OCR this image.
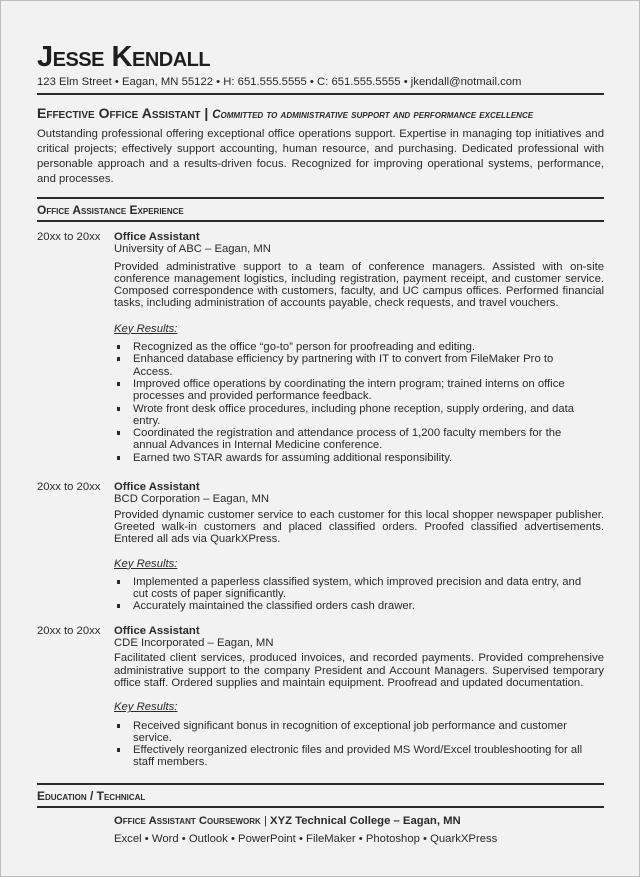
Jesse Kendall
123 Elm Street • Eagan, MN 55122 • H: 651.555.5555 • C: 651.555.5555 • jkendall@notmail.com
Effective Office Assistant | Committed to administrative support and performance excellence
Outstanding professional offering exceptional office operations support. Expertise in managing top initiatives and critical projects; effectively support accounting, human resource, and purchasing. Dedicated professional with personable approach and a results-driven focus. Recognized for improving operational systems, performance, and processes.
Office Assistance Experience
20xx to 20xx	Office Assistant
University of ABC – Eagan, MN

Provided administrative support to a team of conference managers. Assisted with on-site conference management logistics, including registration, payment receipt, and customer service. Composed correspondence with customers, faculty, and UC campus offices. Performed financial tasks, including administration of accounts payable, check requests, and travel vouchers.

Key Results:
Recognized as the office “go-to” person for proofreading and editing.
Enhanced database efficiency by partnering with IT to convert from FileMaker Pro to Access.
Improved office operations by coordinating the intern program; trained interns on office processes and provided performance feedback.
Wrote front desk office procedures, including phone reception, supply ordering, and data entry.
Coordinated the registration and attendance process of 1,200 faculty members for the annual Advances in Internal Medicine conference.
Earned two STAR awards for assuming additional responsibility.
20xx to 20xx	Office Assistant
BCD Corporation – Eagan, MN

Provided dynamic customer service to each customer for this local shopper newspaper publisher. Greeted walk-in customers and placed classified orders. Proofed classified advertisements. Entered all ads via QuarkXPress.

Key Results:
Implemented a paperless classified system, which improved precision and data entry, and cut costs of paper significantly.
Accurately maintained the classified orders cash drawer.
20xx to 20xx	Office Assistant
CDE Incorporated – Eagan, MN

Facilitated client services, produced invoices, and recorded payments. Provided comprehensive administrative support to the company President and Account Managers. Supervised temporary office staff. Ordered supplies and maintain equipment. Proofread and updated documentation.

Key Results:
Received significant bonus in recognition of exceptional job performance and customer service.
Effectively reorganized electronic files and provided MS Word/Excel troubleshooting for all staff members.
Education / Technical
Office Assistant Coursework | XYZ Technical College – Eagan, MN
Excel • Word • Outlook • PowerPoint • FileMaker • Photoshop • QuarkXPress
